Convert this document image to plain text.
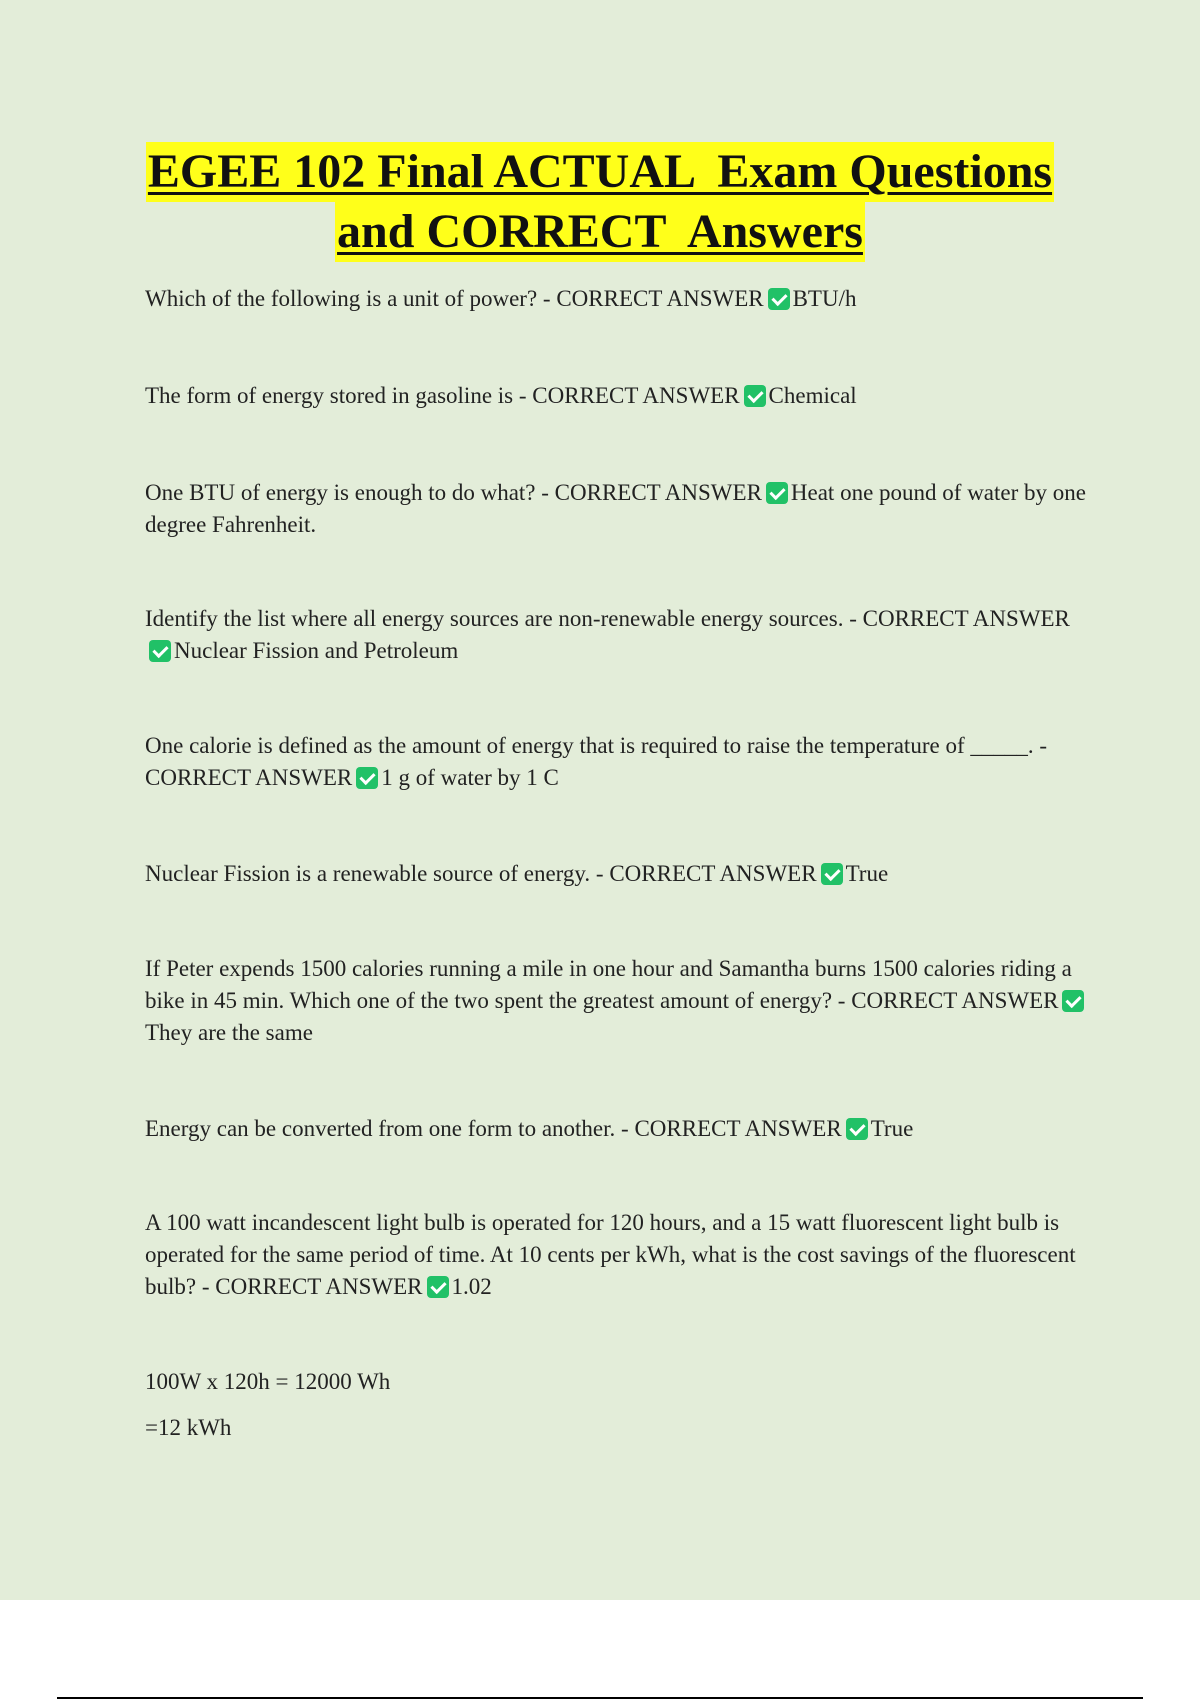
EGEE 102 Final ACTUAL  Exam Questions
and CORRECT  Answers

Which of the following is a unit of power? - CORRECT ANSWER BTU/h

The form of energy stored in gasoline is - CORRECT ANSWER Chemical

One BTU of energy is enough to do what? - CORRECT ANSWER Heat one pound of water by one degree Fahrenheit.

Identify the list where all energy sources are non-renewable energy sources. - CORRECT ANSWERNuclear Fission and Petroleum

One calorie is defined as the amount of energy that is required to raise the temperature of _____. - CORRECT ANSWER 1 g of water by 1 C

Nuclear Fission is a renewable source of energy. - CORRECT ANSWER True

If Peter expends 1500 calories running a mile in one hour and Samantha burns 1500 calories riding a bike in 45 min. Which one of the two spent the greatest amount of energy? - CORRECT ANSWERThey are the same

Energy can be converted from one form to another. - CORRECT ANSWER True

A 100 watt incandescent light bulb is operated for 120 hours, and a 15 watt fluorescent light bulb is operated for the same period of time. At 10 cents per kWh, what is the cost savings of the fluorescent bulb? - CORRECT ANSWER 1.02

100W x 120h = 12000 Wh

=12 kWh
